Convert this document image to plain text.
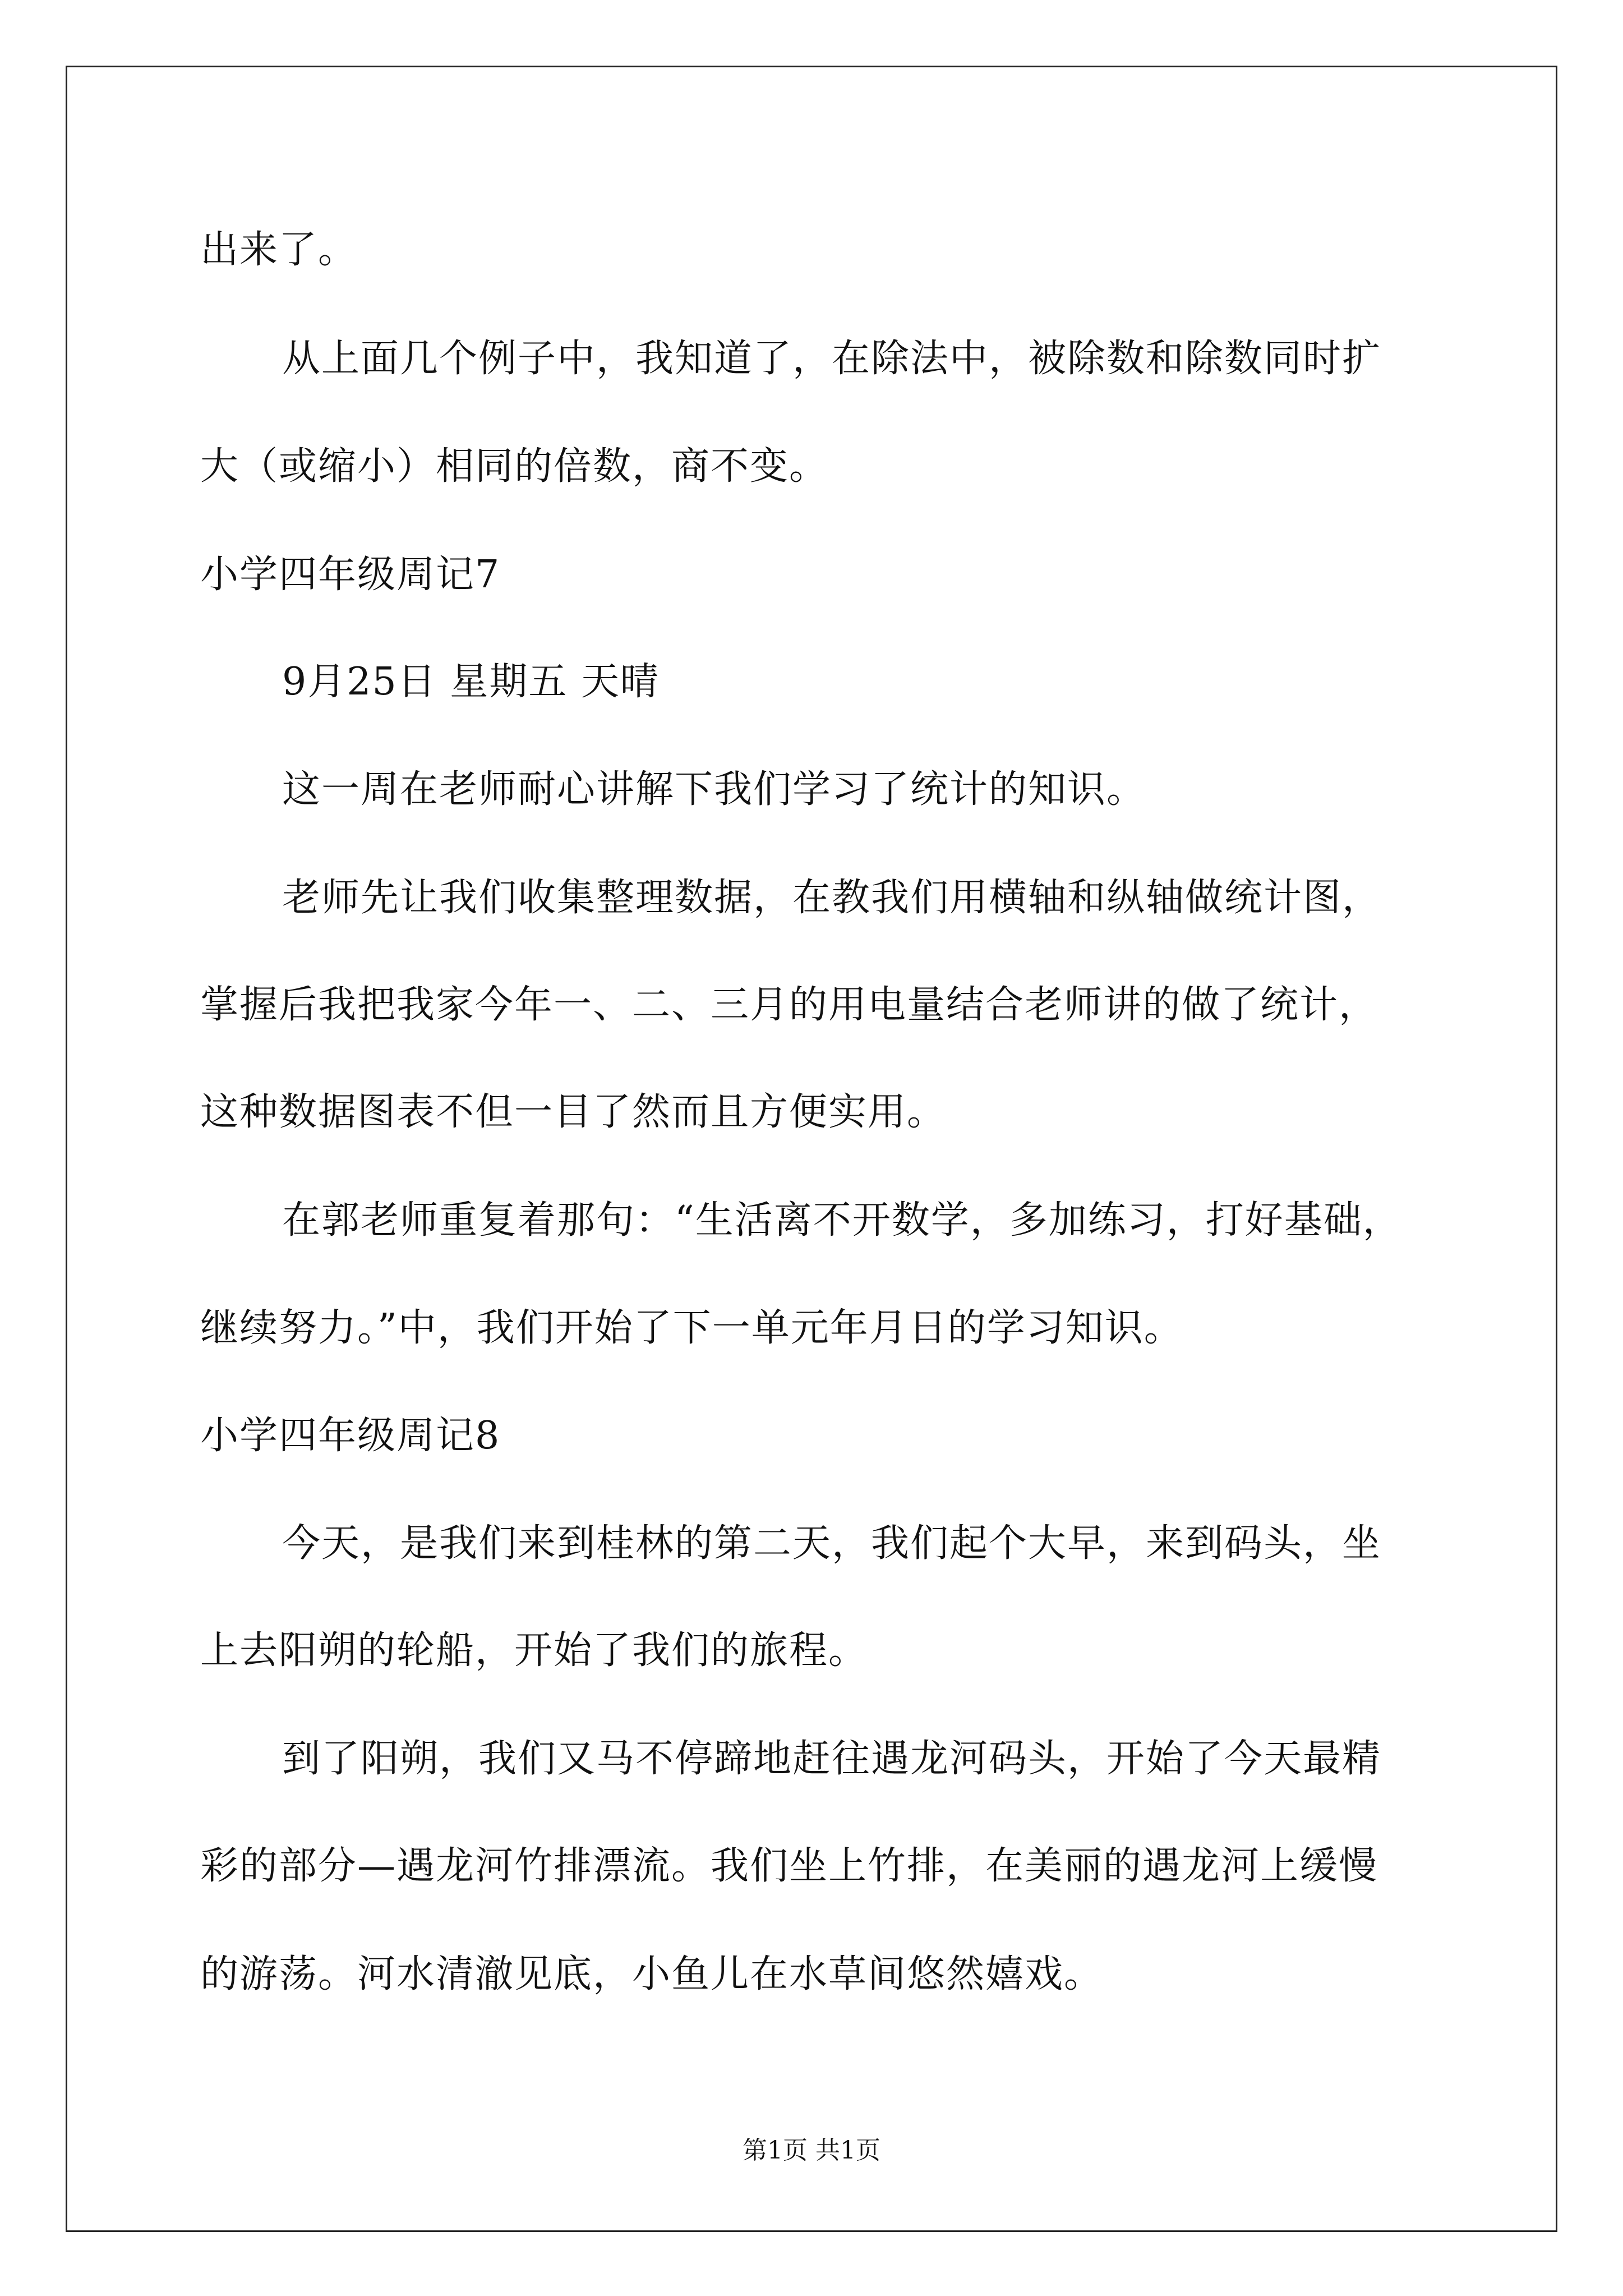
出来了。
从上面几个例子中，我知道了，在除法中，被除数和除数同时扩
大（或缩小）相同的倍数，商不变。
小学四年级周记7
9月25日 星期五 天晴
这一周在老师耐心讲解下我们学习了统计的知识。
老师先让我们收集整理数据，在教我们用横轴和纵轴做统计图，
掌握后我把我家今年一、二、三月的用电量结合老师讲的做了统计，
这种数据图表不但一目了然而且方便实用。
在郭老师重复着那句：“生活离不开数学，多加练习，打好基础，
继续努力。”中，我们开始了下一单元年月日的学习知识。
小学四年级周记8
今天，是我们来到桂林的第二天，我们起个大早，来到码头，坐
上去阳朔的轮船，开始了我们的旅程。
到了阳朔，我们又马不停蹄地赶往遇龙河码头，开始了今天最精
彩的部分—遇龙河竹排漂流。我们坐上竹排，在美丽的遇龙河上缓慢
的游荡。河水清澈见底，小鱼儿在水草间悠然嬉戏。
第1页 共1页
